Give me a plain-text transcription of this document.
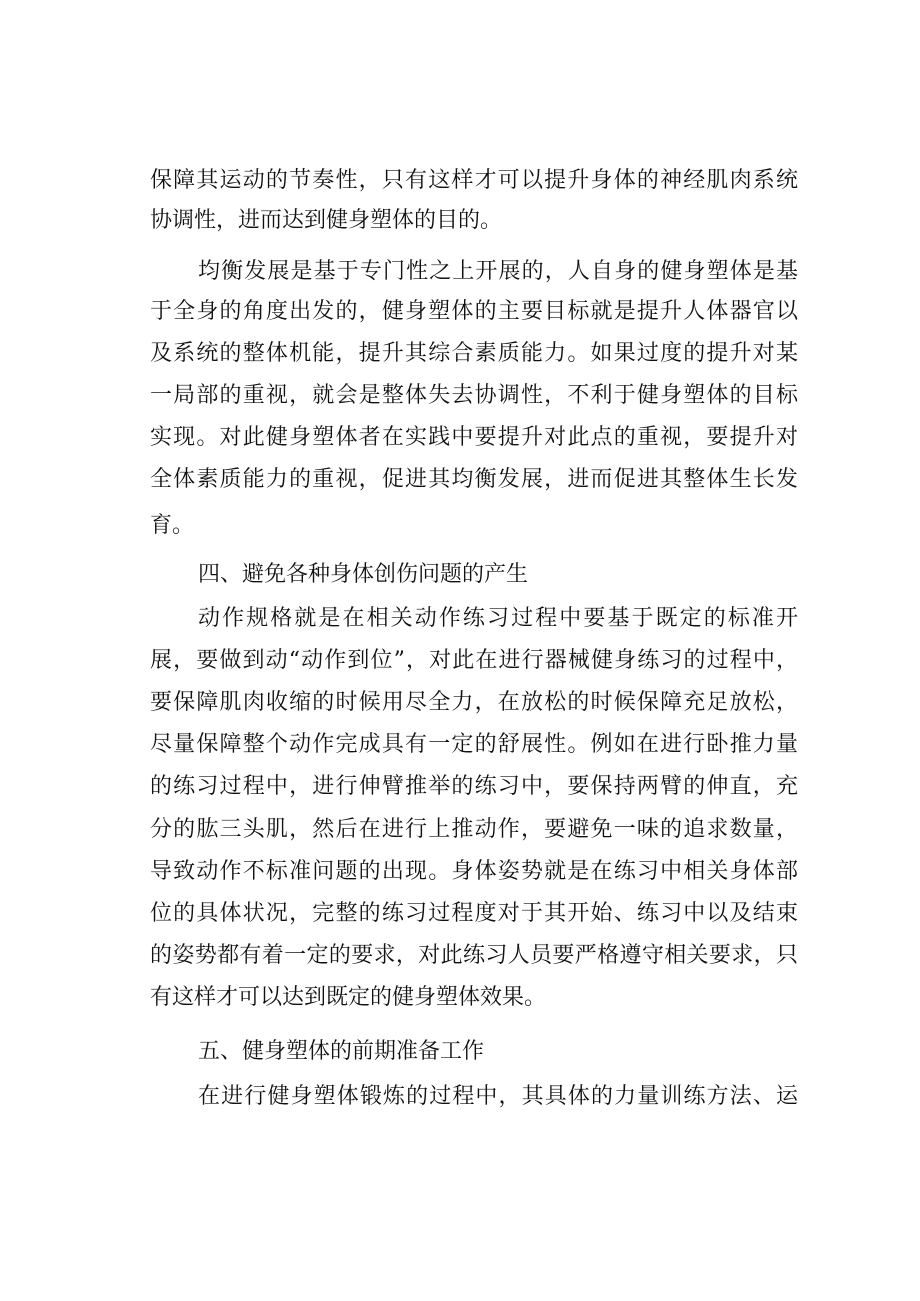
保障其运动的节奏性，只有这样才可以提升身体的神经肌肉系统
协调性，进而达到健身塑体的目的。
均衡发展是基于专门性之上开展的，人自身的健身塑体是基
于全身的角度出发的，健身塑体的主要目标就是提升人体器官以
及系统的整体机能，提升其综合素质能力。如果过度的提升对某
一局部的重视，就会是整体失去协调性，不利于健身塑体的目标
实现。对此健身塑体者在实践中要提升对此点的重视，要提升对
全体素质能力的重视，促进其均衡发展，进而促进其整体生长发
育。
四、避免各种身体创伤问题的产生
动作规格就是在相关动作练习过程中要基于既定的标准开
展，要做到动“动作到位”，对此在进行器械健身练习的过程中，
要保障肌肉收缩的时候用尽全力，在放松的时候保障充足放松，
尽量保障整个动作完成具有一定的舒展性。例如在进行卧推力量
的练习过程中，进行伸臂推举的练习中，要保持两臂的伸直，充
分的肱三头肌，然后在进行上推动作，要避免一味的追求数量，
导致动作不标准问题的出现。身体姿势就是在练习中相关身体部
位的具体状况，完整的练习过程度对于其开始、练习中以及结束
的姿势都有着一定的要求，对此练习人员要严格遵守相关要求，只
有这样才可以达到既定的健身塑体效果。
五、健身塑体的前期准备工作
在进行健身塑体锻炼的过程中，其具体的力量训练方法、运
